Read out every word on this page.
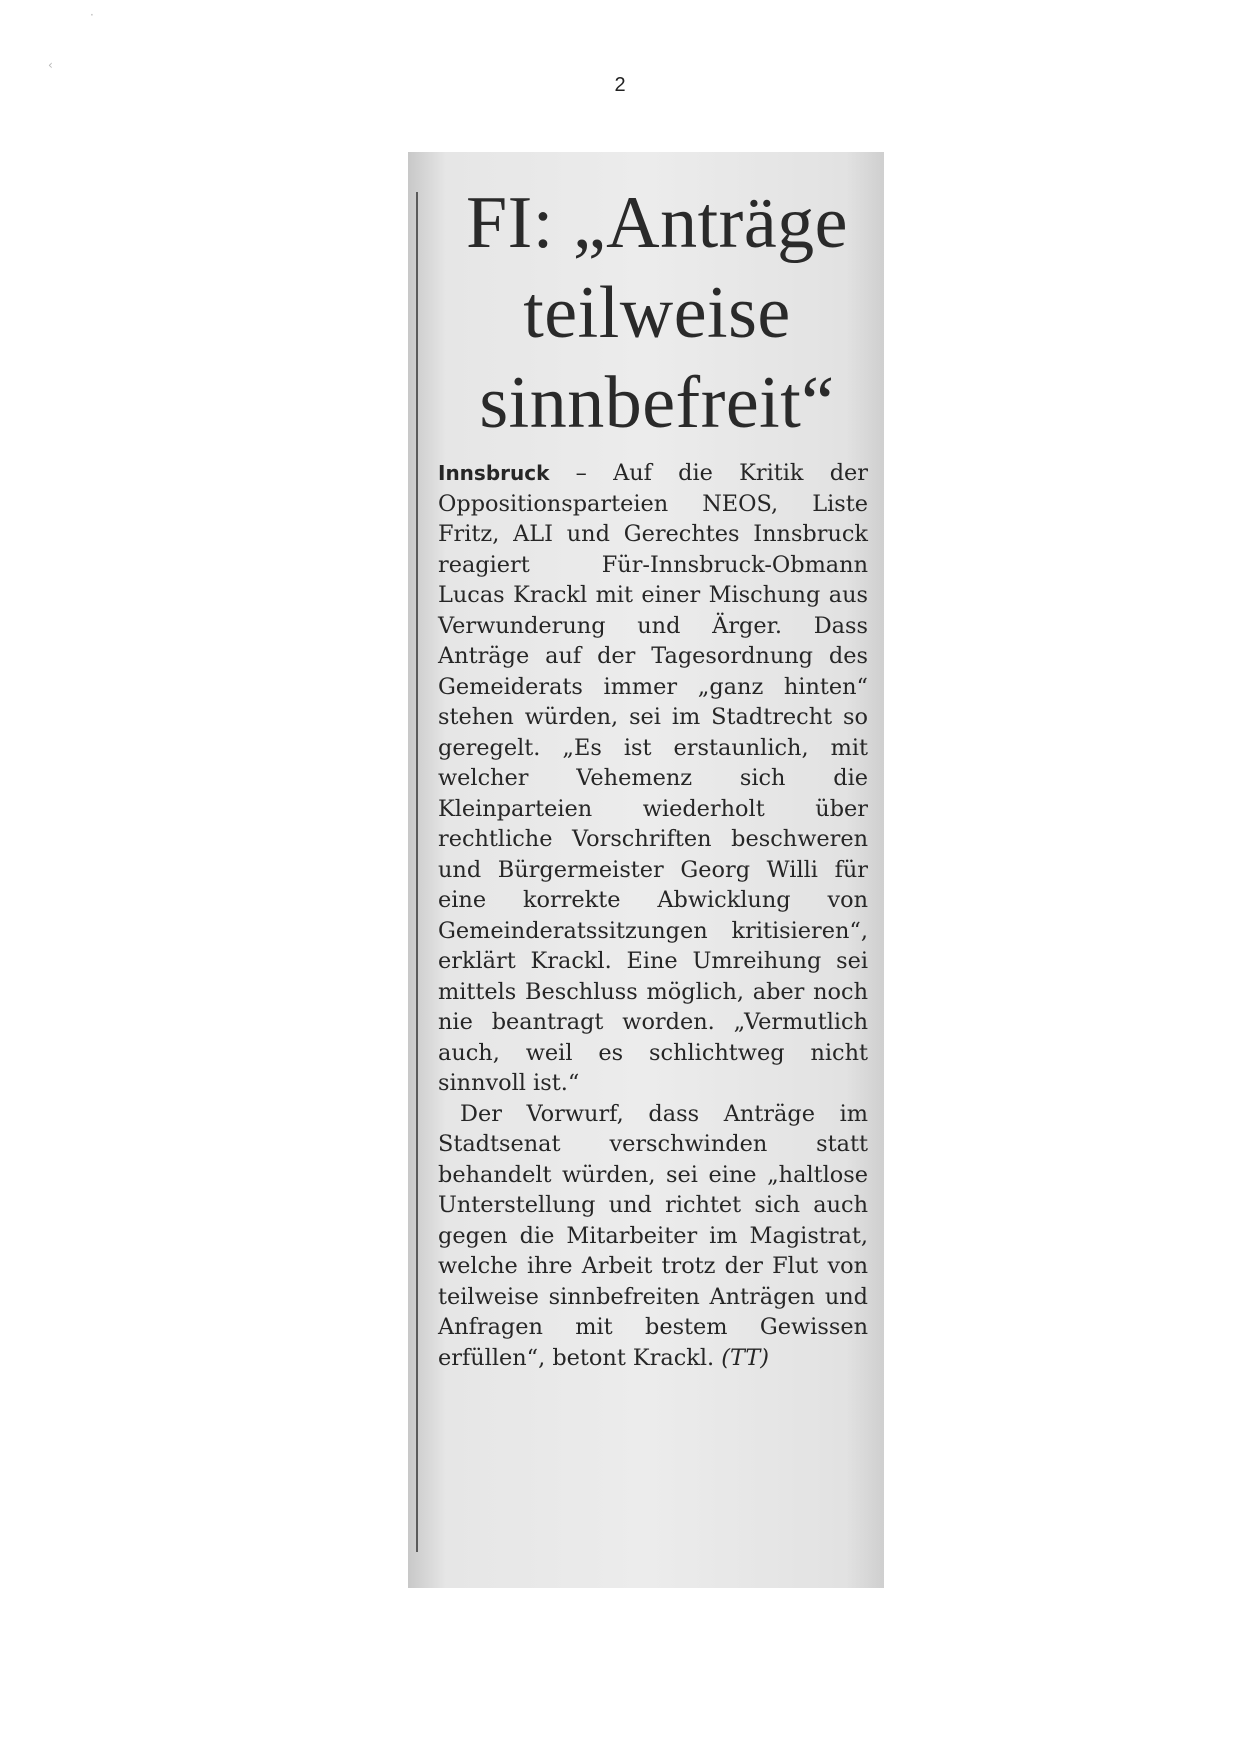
·
‹
2
FI: „Anträge
teilweise
sinnbefreit“

Innsbruck – Auf die Kritik der Oppositionsparteien NEOS, Liste Fritz, ALI und Gerechtes Innsbruck reagiert Für-Innsbruck-Obmann Lucas Krackl mit einer Mischung aus Verwunderung und Ärger. Dass Anträge auf der Tagesordnung des Gemeiderats immer „ganz hinten“ stehen würden, sei im Stadtrecht so geregelt. „Es ist erstaunlich, mit welcher Vehemenz sich die Kleinparteien wiederholt über rechtliche Vorschriften beschweren und Bürgermeister Georg Willi für eine korrekte Abwicklung von Gemeinderatssitzungen kritisieren“, erklärt Krackl. Eine Umreihung sei mittels Beschluss möglich, aber noch nie beantragt worden. „Vermutlich auch, weil es schlichtweg nicht sinnvoll ist.“

Der Vorwurf, dass Anträge im Stadtsenat verschwinden statt behandelt würden, sei eine „haltlose Unterstellung und richtet sich auch gegen die Mitarbeiter im Magistrat, welche ihre Arbeit trotz der Flut von teilweise sinnbefreiten Anträgen und Anfragen mit bestem Gewissen erfüllen“, betont Krackl. (TT)
